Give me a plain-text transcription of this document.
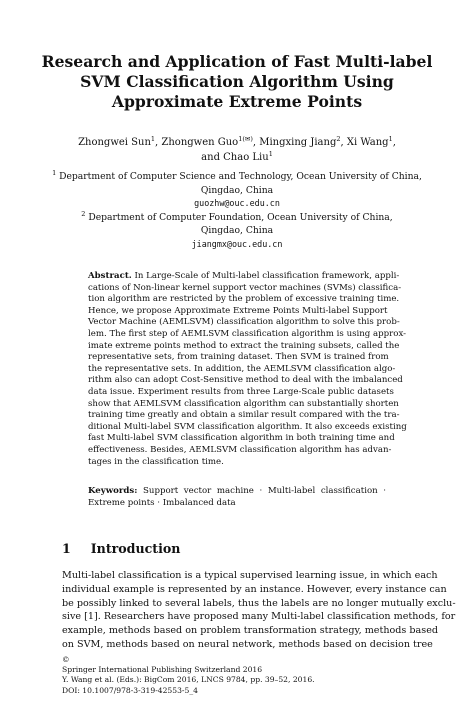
Research and Application of Fast Multi-label
SVM Classification Algorithm Using
Approximate Extreme Points
Zhongwei Sun$^1$, Zhongwen Guo$^{1(✉)}$, Mingxing Jiang$^2$, Xi Wang$^1$,
and Chao Liu$^1$
$^1$ Department of Computer Science and Technology, Ocean University of China,
Qingdao, China
guozhw@ouc.edu.cn
$^2$ Department of Computer Foundation, Ocean University of China,
Qingdao, China
jiangmx@ouc.edu.cn
Abstract. In Large-Scale of Multi-label classification framework, appli-
cations of Non-linear kernel support vector machines (SVMs) classifica-
tion algorithm are restricted by the problem of excessive training time.
Hence, we propose Approximate Extreme Points Multi-label Support
Vector Machine (AEMLSVM) classification algorithm to solve this prob-
lem. The first step of AEMLSVM classification algorithm is using approx-
imate extreme points method to extract the training subsets, called the
representative sets, from training dataset. Then SVM is trained from
the representative sets. In addition, the AEMLSVM classification algo-
rithm also can adopt Cost-Sensitive method to deal with the imbalanced
data issue. Experiment results from three Large-Scale public datasets
show that AEMLSVM classification algorithm can substantially shorten
training time greatly and obtain a similar result compared with the tra-
ditional Multi-label SVM classification algorithm. It also exceeds existing
fast Multi-label SVM classification algorithm in both training time and
effectiveness. Besides, AEMLSVM classification algorithm has advan-
tages in the classification time.
Keywords: Support vector machine · Multi-label classification ·
Extreme points · Imbalanced data
1 Introduction
Multi-label classification is a typical supervised learning issue, in which each
individual example is represented by an instance. However, every instance can
be possibly linked to several labels, thus the labels are no longer mutually exclu-
sive [1]. Researchers have proposed many Multi-label classification methods, for
example, methods based on problem transformation strategy, methods based
on SVM, methods based on neural network, methods based on decision tree
©
Springer International Publishing Switzerland 2016
Y. Wang et al. (Eds.): BigCom 2016, LNCS 9784, pp. 39–52, 2016.
DOI: 10.1007/978-3-319-42553-5_4
